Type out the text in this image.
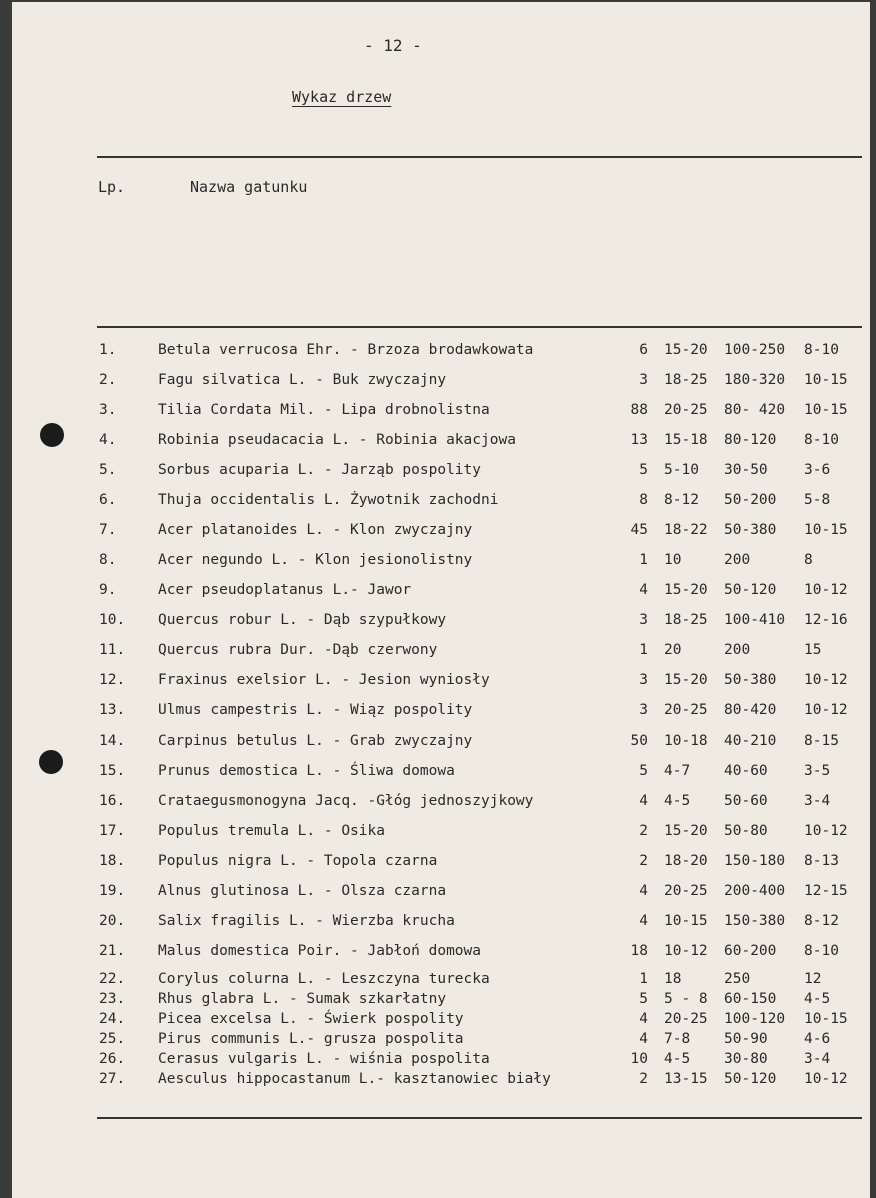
- 12 -
Wykaz drzew
Lp.	Nazwa gatunku
1.	Betula verrucosa Ehr. - Brzoza brodawkowata	6 15-20 100-250 8-10
2.	Fagu silvatica L. - Buk zwyczajny	3 18-25 180-320 10-15
3.	Tilia Cordata Mil. - Lipa drobnolistna	88 20-25 80- 420 10-15
4.	Robinia pseudacacia L. - Robinia akacjowa	13 15-18 80-120 8-10
5.	Sorbus acuparia L. - Jarząb pospolity	5 5-10 30-50	3-6
6.	Thuja occidentalis L. Żywotnik zachodni	8 8-12 50-200 5-8
7.	Acer platanoides L. - Klon zwyczajny	45 18-22 50-380 10-15
8.	Acer negundo L. - Klon jesionolistny	1 10	200	8
9.	Acer pseudoplatanus L.- Jawor	4 15-20 50-120 10-12
10. Quercus robur L. - Dąb szypułkowy	3 18-25 100-410 12-16
11. Quercus rubra Dur. -Dąb czerwony	1 20	200	15
12. Fraxinus exelsior L. - Jesion wyniosły	3 15-20 50-380 10-12
13. Ulmus campestris L. - Wiąz pospolity	3 20-25 80-420 10-12
14. Carpinus betulus L. - Grab zwyczajny	50 10-18 40-210 8-15
15. Prunus demostica L. - Śliwa domowa	5 4-7 40-60	3-5
16. Crataegusmonogyna Jacq. -Głóg jednoszyjkowy	4 4-5 50-60	3-4
17. Populus tremula L. - Osika	2 15-20 50-80	10-12
18. Populus nigra L. - Topola czarna	2 18-20 150-180 8-13
19. Alnus glutinosa L. - Olsza czarna	4 20-25 200-400 12-15
20. Salix fragilis L. - Wierzba krucha	4 10-15 150-380 8-12
21. Malus domestica Poir. - Jabłoń domowa	18 10-12 60-200 8-10
22. Corylus colurna L. - Leszczyna turecka	1 18	250	12
23. Rhus glabra L. - Sumak szkarłatny	5 5 - 8 60-150 4-5
24. Picea excelsa L. - Świerk pospolity	4 20-25 100-120 10-15
25. Pirus communis L.- grusza pospolita	4 7-8 50-90	4-6
26. Cerasus vulgaris L. - wiśnia pospolita	10 4-5 30-80	3-4
27. Aesculus hippocastanum L.- kasztanowiec biały	2 13-15 50-120 10-12
